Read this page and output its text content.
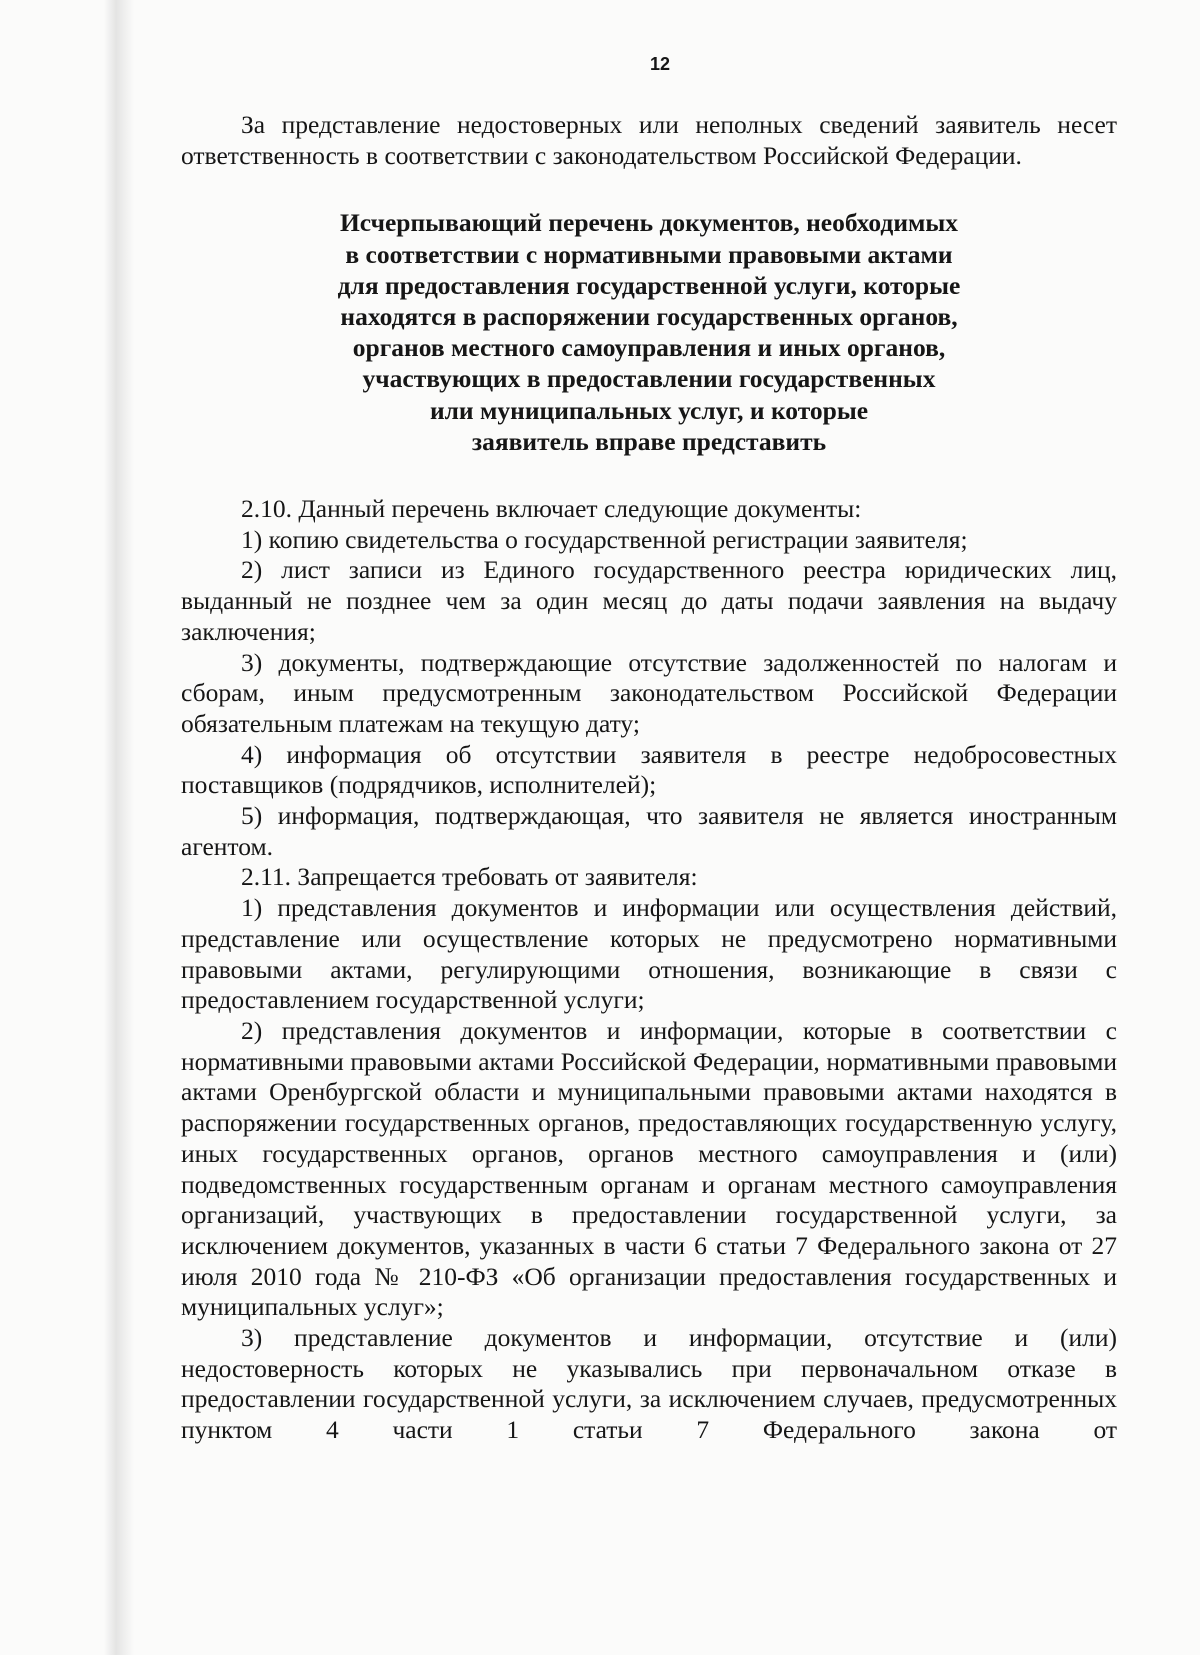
12

За представление недостоверных или неполных сведений заявитель несет ответственность в соответствии с законодательством Российской Федерации.

Исчерпывающий перечень документов, необходимых
в соответствии с нормативными правовыми актами
для предоставления государственной услуги, которые
находятся в распоряжении государственных органов,
органов местного самоуправления и иных органов,
участвующих в предоставлении государственных
или муниципальных услуг, и которые
заявитель вправе представить

2.10. Данный перечень включает следующие документы:

1) копию свидетельства о государственной регистрации заявителя;

2) лист записи из Единого государственного реестра юридических лиц, выданный не позднее чем за один месяц до даты подачи заявления на выдачу заключения;

3) документы, подтверждающие отсутствие задолженностей по налогам и сборам, иным предусмотренным законодательством Российской Федерации обязательным платежам на текущую дату;

4) информация об отсутствии заявителя в реестре недобросовестных поставщиков (подрядчиков, исполнителей);

5) информация, подтверждающая, что заявителя не является иностранным агентом.

2.11. Запрещается требовать от заявителя:

1) представления документов и информации или осуществления действий, представление или осуществление которых не предусмотрено нормативными правовыми актами, регулирующими отношения, возникающие в связи с предоставлением государственной услуги;

2) представления документов и информации, которые в соответствии с нормативными правовыми актами Российской Федерации, нормативными правовыми актами Оренбургской области и муниципальными правовыми актами находятся в распоряжении государственных органов, предоставляющих государственную услугу, иных государственных органов, органов местного самоуправления и (или) подведомственных государственным органам и органам местного самоуправления организаций, участвующих в предоставлении государственной услуги, за исключением документов, указанных в части 6 статьи 7 Федерального закона от 27 июля 2010 года № 210-ФЗ «Об организации предоставления государственных и муниципальных услуг»;

3) представление документов и информации, отсутствие и (или) недостоверность которых не указывались при первоначальном отказе в предоставлении государственной услуги, за исключением случаев, предусмотренных пунктом 4 части 1 статьи 7 Федерального закона от
